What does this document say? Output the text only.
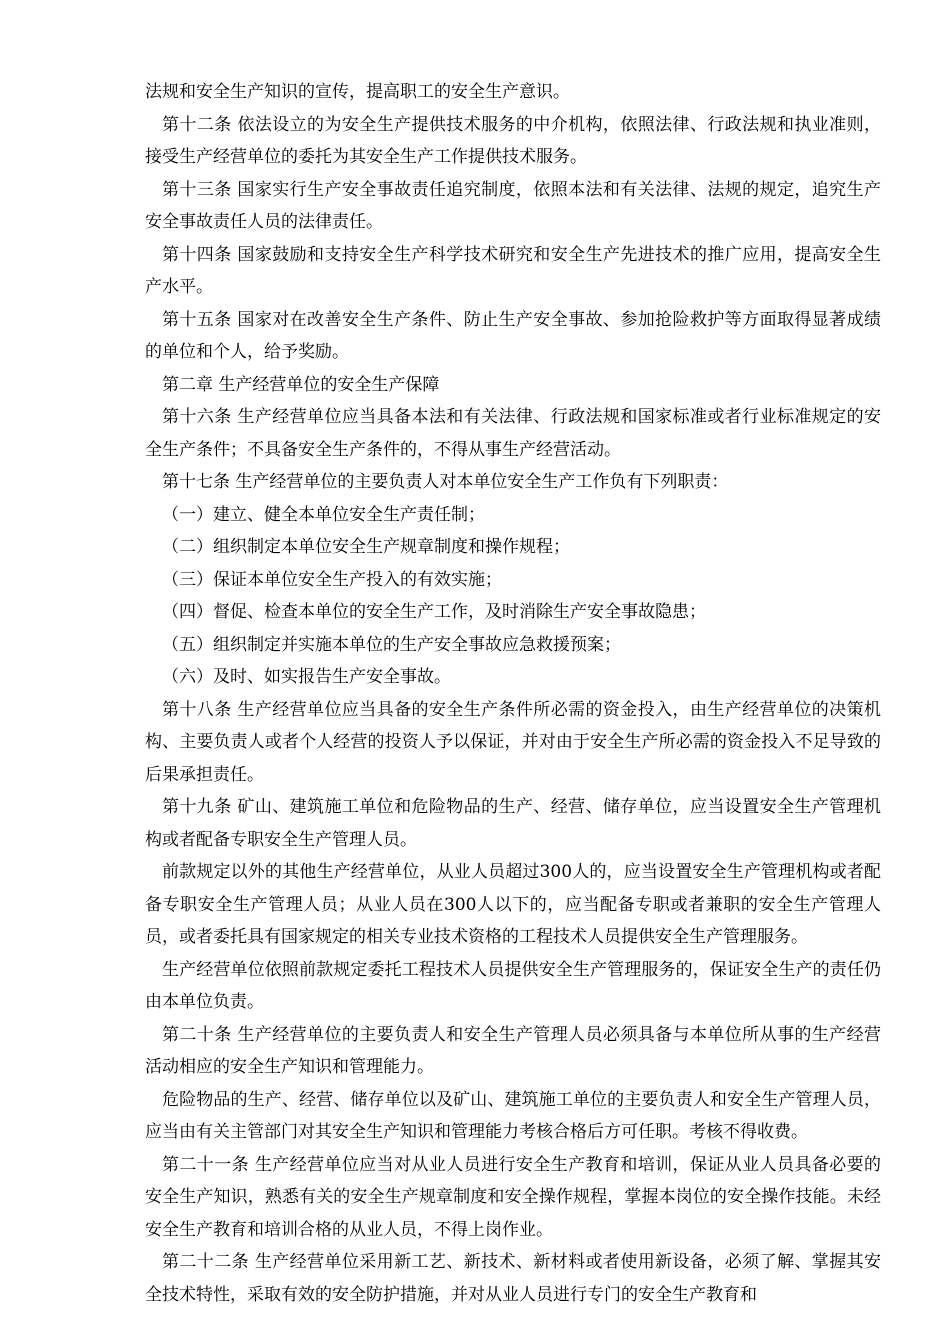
法规和安全生产知识的宣传，提高职工的安全生产意识。

第十二条 依法设立的为安全生产提供技术服务的中介机构，依照法律、行政法规和执业准则，接受生产经营单位的委托为其安全生产工作提供技术服务。

第十三条 国家实行生产安全事故责任追究制度，依照本法和有关法律、法规的规定，追究生产安全事故责任人员的法律责任。

第十四条 国家鼓励和支持安全生产科学技术研究和安全生产先进技术的推广应用，提高安全生产水平。

第十五条 国家对在改善安全生产条件、防止生产安全事故、参加抢险救护等方面取得显著成绩的单位和个人，给予奖励。

第二章 生产经营单位的安全生产保障

第十六条 生产经营单位应当具备本法和有关法律、行政法规和国家标准或者行业标准规定的安全生产条件；不具备安全生产条件的，不得从事生产经营活动。

第十七条 生产经营单位的主要负责人对本单位安全生产工作负有下列职责：

（一）建立、健全本单位安全生产责任制；

（二）组织制定本单位安全生产规章制度和操作规程；

（三）保证本单位安全生产投入的有效实施；

（四）督促、检查本单位的安全生产工作，及时消除生产安全事故隐患；

（五）组织制定并实施本单位的生产安全事故应急救援预案；

（六）及时、如实报告生产安全事故。

第十八条 生产经营单位应当具备的安全生产条件所必需的资金投入，由生产经营单位的决策机构、主要负责人或者个人经营的投资人予以保证，并对由于安全生产所必需的资金投入不足导致的后果承担责任。

第十九条 矿山、建筑施工单位和危险物品的生产、经营、储存单位，应当设置安全生产管理机构或者配备专职安全生产管理人员。

前款规定以外的其他生产经营单位，从业人员超过300人的，应当设置安全生产管理机构或者配备专职安全生产管理人员；从业人员在300人以下的，应当配备专职或者兼职的安全生产管理人员，或者委托具有国家规定的相关专业技术资格的工程技术人员提供安全生产管理服务。

生产经营单位依照前款规定委托工程技术人员提供安全生产管理服务的，保证安全生产的责任仍由本单位负责。

第二十条 生产经营单位的主要负责人和安全生产管理人员必须具备与本单位所从事的生产经营活动相应的安全生产知识和管理能力。

危险物品的生产、经营、储存单位以及矿山、建筑施工单位的主要负责人和安全生产管理人员，应当由有关主管部门对其安全生产知识和管理能力考核合格后方可任职。考核不得收费。

第二十一条 生产经营单位应当对从业人员进行安全生产教育和培训，保证从业人员具备必要的安全生产知识，熟悉有关的安全生产规章制度和安全操作规程，掌握本岗位的安全操作技能。未经安全生产教育和培训合格的从业人员，不得上岗作业。

第二十二条 生产经营单位采用新工艺、新技术、新材料或者使用新设备，必须了解、掌握其安全技术特性，采取有效的安全防护措施，并对从业人员进行专门的安全生产教育和
